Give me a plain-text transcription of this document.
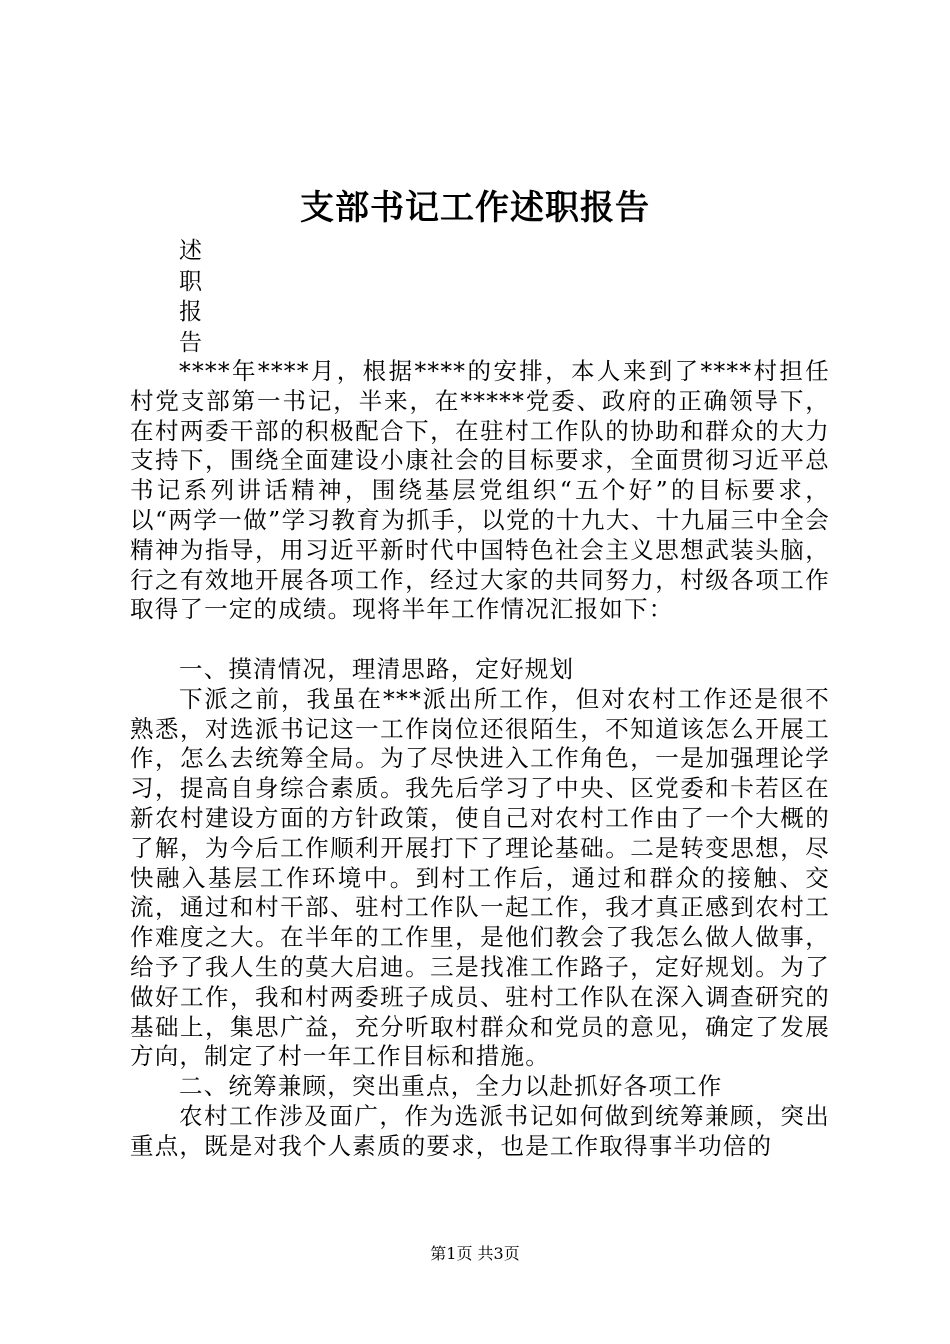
支部书记工作述职报告
述
职
报
告

****年****月，根据****的安排，本人来到了****村担任村党支部第一书记，半来，在*****党委、政府的正确领导下，在村两委干部的积极配合下，在驻村工作队的协助和群众的大力支持下，围绕全面建设小康社会的目标要求，全面贯彻习近平总书记系列讲话精神，围绕基层党组织“五个好”的目标要求，以“两学一做”学习教育为抓手，以党的十九大、十九届三中全会精神为指导，用习近平新时代中国特色社会主义思想武装头脑，行之有效地开展各项工作，经过大家的共同努力，村级各项工作取得了一定的成绩。现将半年工作情况汇报如下：

一、摸清情况，理清思路，定好规划

下派之前，我虽在***派出所工作，但对农村工作还是很不熟悉，对选派书记这一工作岗位还很陌生，不知道该怎么开展工作，怎么去统筹全局。为了尽快进入工作角色，一是加强理论学习，提高自身综合素质。我先后学习了中央、区党委和卡若区在新农村建设方面的方针政策，使自己对农村工作由了一个大概的了解，为今后工作顺利开展打下了理论基础。二是转变思想，尽快融入基层工作环境中。到村工作后，通过和群众的接触、交流，通过和村干部、驻村工作队一起工作，我才真正感到农村工作难度之大。在半年的工作里，是他们教会了我怎么做人做事，给予了我人生的莫大启迪。三是找准工作路子，定好规划。为了做好工作，我和村两委班子成员、驻村工作队在深入调查研究的基础上，集思广益，充分听取村群众和党员的意见，确定了发展方向，制定了村一年工作目标和措施。

二、统筹兼顾，突出重点，全力以赴抓好各项工作

农村工作涉及面广，作为选派书记如何做到统筹兼顾，突出重点，既是对我个人素质的要求，也是工作取得事半功倍的

第1页 共3页
